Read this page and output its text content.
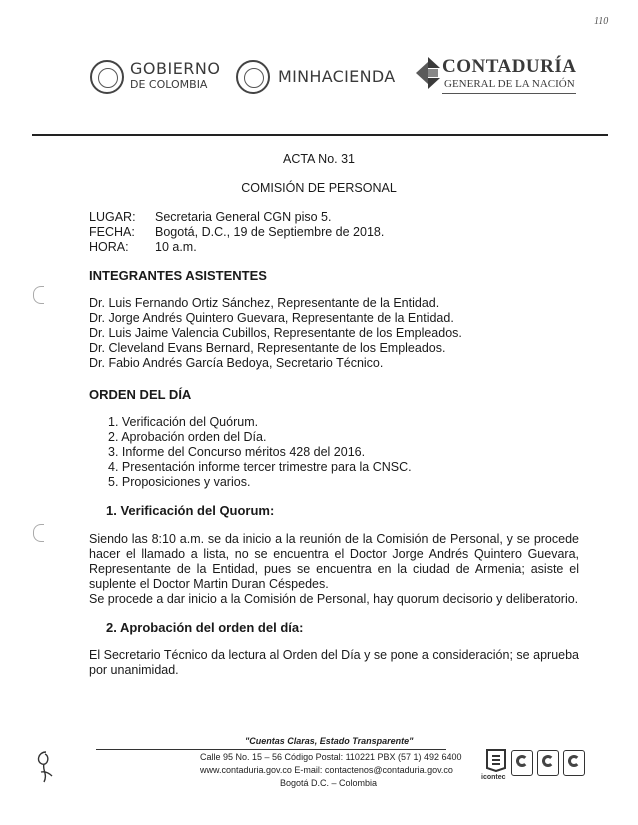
110
GOBIERNO
DE COLOMBIA	MINHACIENDA CONTADURÍA
GENERAL DE LA NACIÓN
ACTA No. 31
COMISIÓN DE PERSONAL
LUGAR: Secretaria General CGN piso 5.
FECHA: Bogotá, D.C., 19 de Septiembre de 2018.
HORA: 10 a.m.
INTEGRANTES ASISTENTES
Dr. Luis Fernando Ortiz Sánchez, Representante de la Entidad.
Dr. Jorge Andrés Quintero Guevara, Representante de la Entidad.
Dr. Luis Jaime Valencia Cubillos, Representante de los Empleados.
Dr. Cleveland Evans Bernard, Representante de los Empleados.
Dr. Fabio Andrés García Bedoya, Secretario Técnico.
ORDEN DEL DÍA
1. Verificación del Quórum.
2. Aprobación orden del Día.
3. Informe del Concurso méritos 428 del 2016.
4. Presentación informe tercer trimestre para la CNSC.
5. Proposiciones y varios.
1. Verificación del Quorum:
Siendo las 8:10 a.m. se da inicio a la reunión de la Comisión de Personal, y se procede hacer el llamado a lista, no se encuentra el Doctor Jorge Andrés Quintero Guevara, Representante de la Entidad, pues se encuentra en la ciudad de Armenia; asiste el suplente el Doctor Martin Duran Céspedes.
Se procede a dar inicio a la Comisión de Personal, hay quorum decisorio y deliberatorio.
2. Aprobación del orden del día:
El Secretario Técnico da lectura al Orden del Día y se pone a consideración; se aprueba por unanimidad.
"Cuentas Claras, Estado Transparente"
Calle 95 No. 15 – 56 Código Postal: 110221 PBX (57 1) 492 6400
www.contaduria.gov.co E-mail: contactenos@contaduria.gov.co
Bogotá D.C. – Colombia
icontec
